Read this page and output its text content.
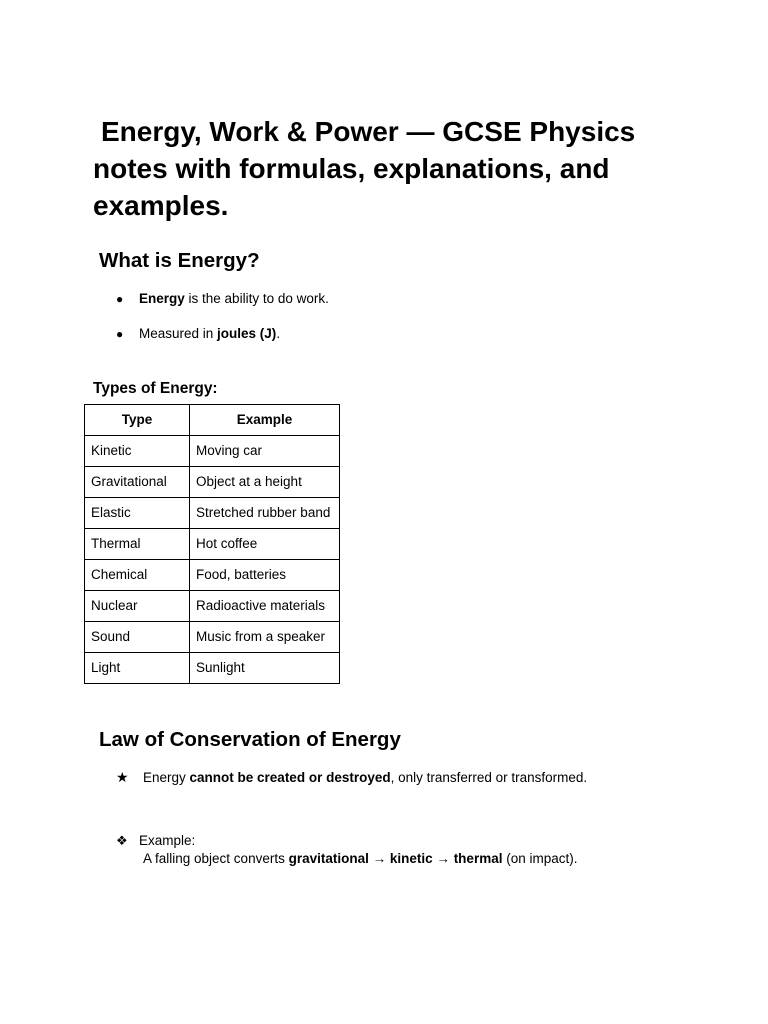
Energy, Work & Power — GCSE Physics notes with formulas, explanations, and examples.
What is Energy?
● Energy is the ability to do work.
● Measured in joules (J).
Types of Energy:
Type	Example
Kinetic	Moving car
Gravitational	Object at a height
Elastic	Stretched rubber band
Thermal	Hot coffee
Chemical	Food, batteries
Nuclear	Radioactive materials
Sound	Music from a speaker
Light	Sunlight
Law of Conservation of Energy
★ Energy cannot be created or destroyed, only transferred or transformed.
❖ Example:
A falling object converts gravitational → kinetic → thermal (on impact).
